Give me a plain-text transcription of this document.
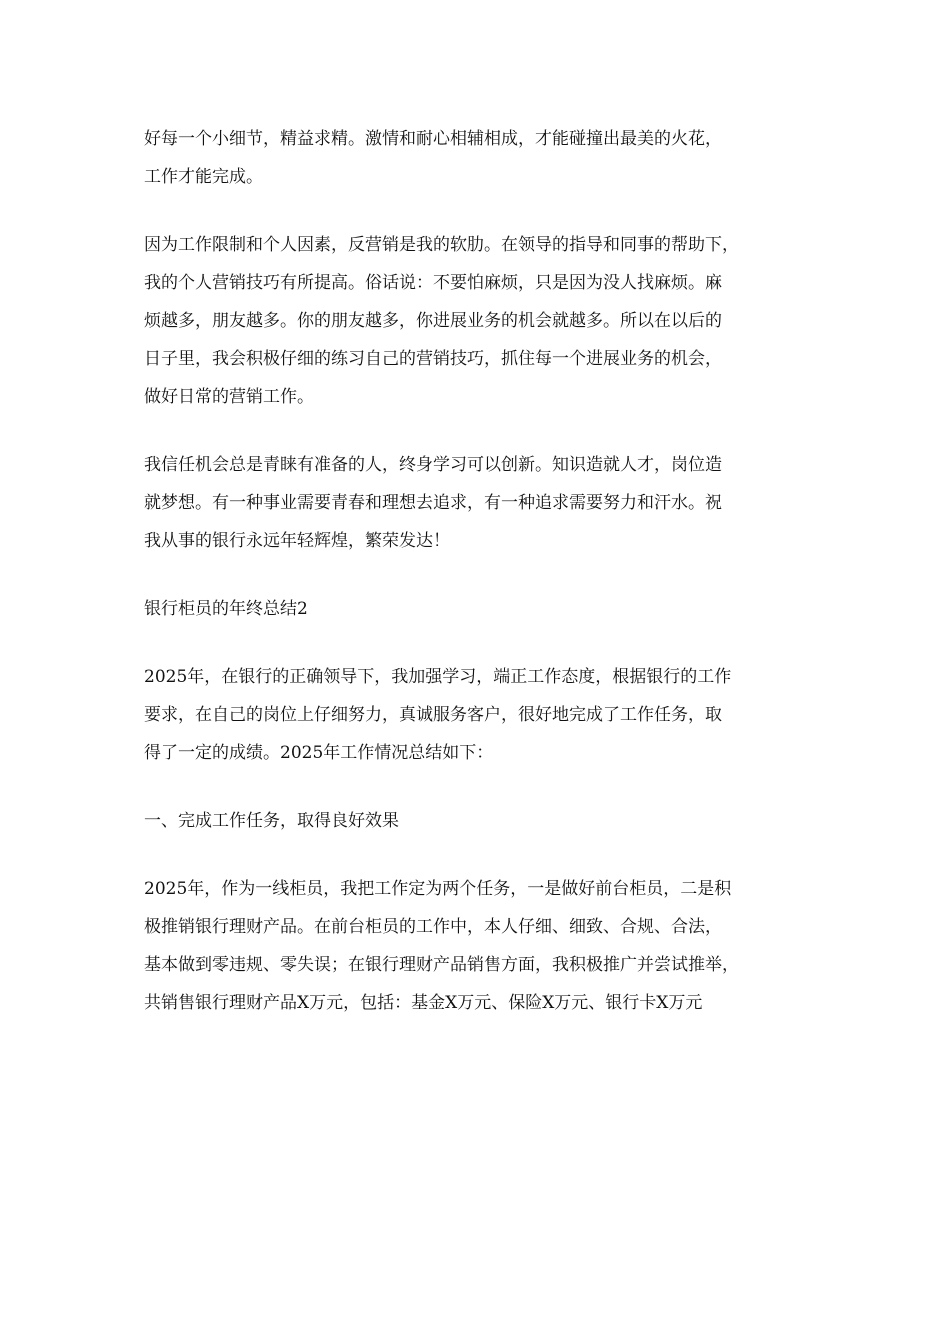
好每一个小细节，精益求精。激情和耐心相辅相成，才能碰撞出最美的火花，
工作才能完成。

因为工作限制和个人因素，反营销是我的软肋。在领导的指导和同事的帮助下，
我的个人营销技巧有所提高。俗话说：不要怕麻烦，只是因为没人找麻烦。麻
烦越多，朋友越多。你的朋友越多，你进展业务的机会就越多。所以在以后的
日子里，我会积极仔细的练习自己的营销技巧，抓住每一个进展业务的机会，
做好日常的营销工作。

我信任机会总是青睐有准备的人，终身学习可以创新。知识造就人才，岗位造
就梦想。有一种事业需要青春和理想去追求，有一种追求需要努力和汗水。祝
我从事的银行永远年轻辉煌，繁荣发达！

银行柜员的年终总结2

2025年，在银行的正确领导下，我加强学习，端正工作态度，根据银行的工作
要求，在自己的岗位上仔细努力，真诚服务客户，很好地完成了工作任务，取
得了一定的成绩。2025年工作情况总结如下：

一、完成工作任务，取得良好效果

2025年，作为一线柜员，我把工作定为两个任务，一是做好前台柜员，二是积
极推销银行理财产品。在前台柜员的工作中，本人仔细、细致、合规、合法，
基本做到零违规、零失误；在银行理财产品销售方面，我积极推广并尝试推举，
共销售银行理财产品X万元，包括：基金X万元、保险X万元、银行卡X万元
